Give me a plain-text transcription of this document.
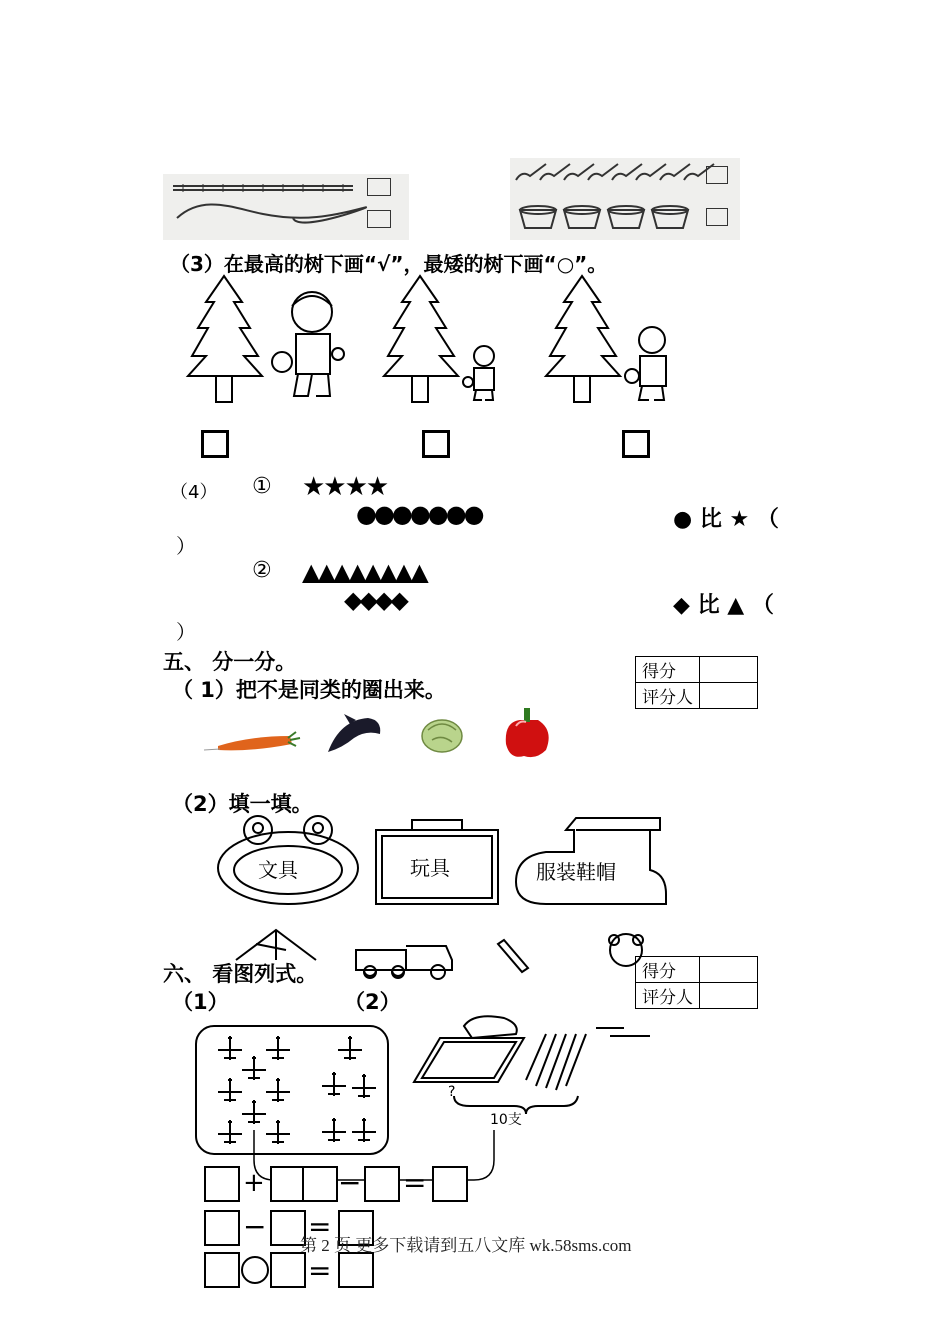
（3）在最高的树下画“√”，最矮的树下画“○”。
（4） ① ★★★★
●●●●●●●	● 比 ★ （
）
② ▲▲▲▲▲▲▲▲
◆◆◆◆	◆ 比 ▲ （
）
五、 分一分。	得分	
评分人	
（ 1）把不是同类的圈出来。
（2）填一填。
文具	玩具	服装鞋帽
六、 看图列式。	得分	
评分人	
（1）	（2）
?
10支
+	− =
− =
=
第 2 页 更多下载请到五八文库 wk.58sms.com
